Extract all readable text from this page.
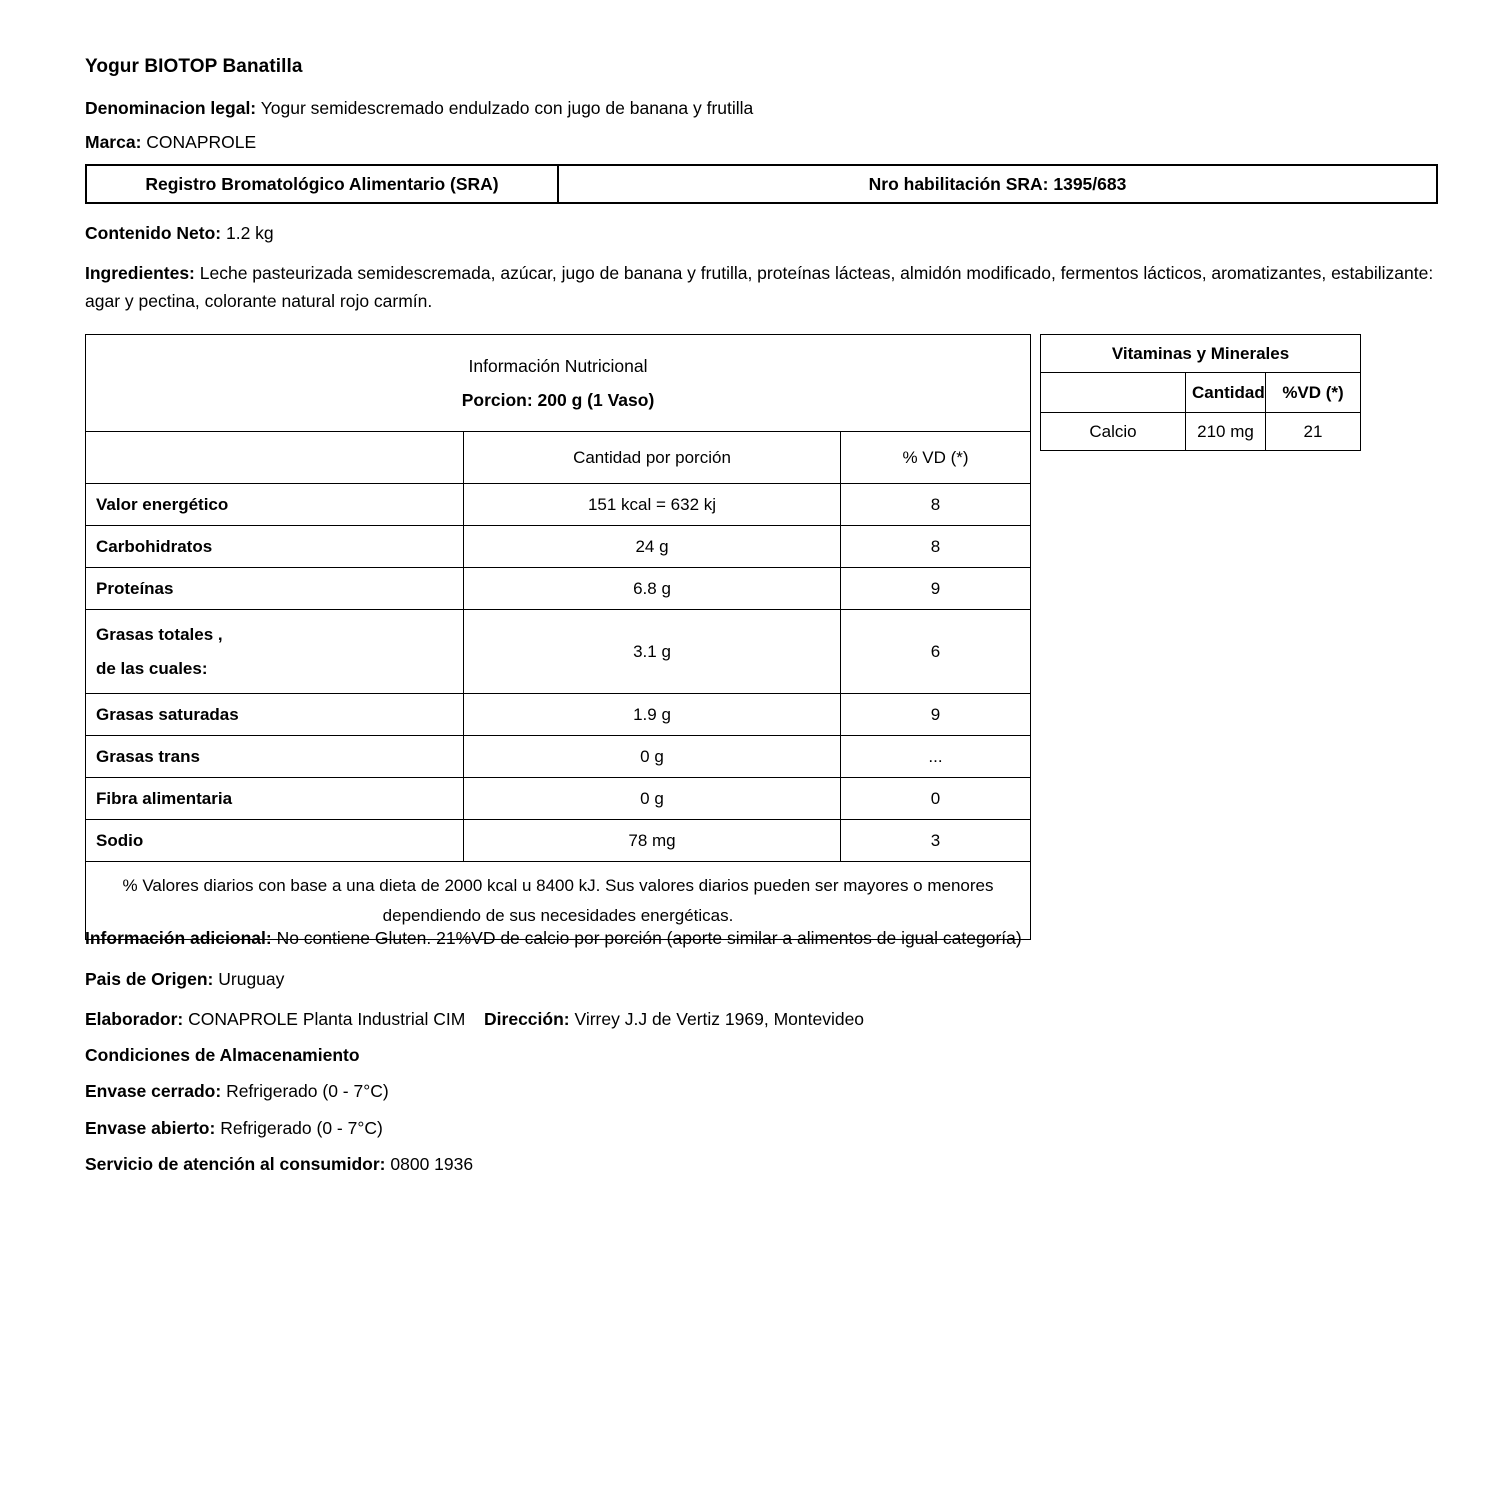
Yogur BIOTOP Banatilla
Denominacion legal: Yogur semidescremado endulzado con jugo de banana y frutilla
Marca: CONAPROLE
Registro Bromatológico Alimentario (SRA)	Nro habilitación SRA: 1395/683
Contenido Neto: 1.2 kg
Ingredientes: Leche pasteurizada semidescremada, azúcar, jugo de banana y frutilla, proteínas lácteas, almidón modificado, fermentos lácticos, aromatizantes, estabilizante: agar y pectina, colorante natural rojo carmín.
Información Nutricional
Porcion: 200 g (1 Vaso)		

	Cantidad por porción	% VD (*)

Valor energético	151 kcal = 632 kj	8

Carbohidratos	24 g	8

Proteínas	6.8 g	9

Grasas totales ,
de las cuales:	3.1 g	6

Grasas saturadas	1.9 g	9

Grasas trans	0 g	...

Fibra alimentaria	0 g	0

Sodio	78 mg	3
% Valores diarios con base a una dieta de 2000 kcal u 8400 kJ. Sus valores diarios pueden ser mayores o menores dependiendo de sus necesidades energéticas.		
Vitaminas y Minerales		
	Cantidad	%VD (*)
Calcio	210 mg	21
Información adicional: No contiene Gluten. 21%VD de calcio por porción (aporte similar a alimentos de igual categoría)
Pais de Origen: Uruguay
Elaborador: CONAPROLE Planta Industrial CIM Dirección: Virrey J.J de Vertiz 1969, Montevideo
Condiciones de Almacenamiento
Envase cerrado: Refrigerado (0 - 7°C)
Envase abierto: Refrigerado (0 - 7°C)
Servicio de atención al consumidor: 0800 1936
